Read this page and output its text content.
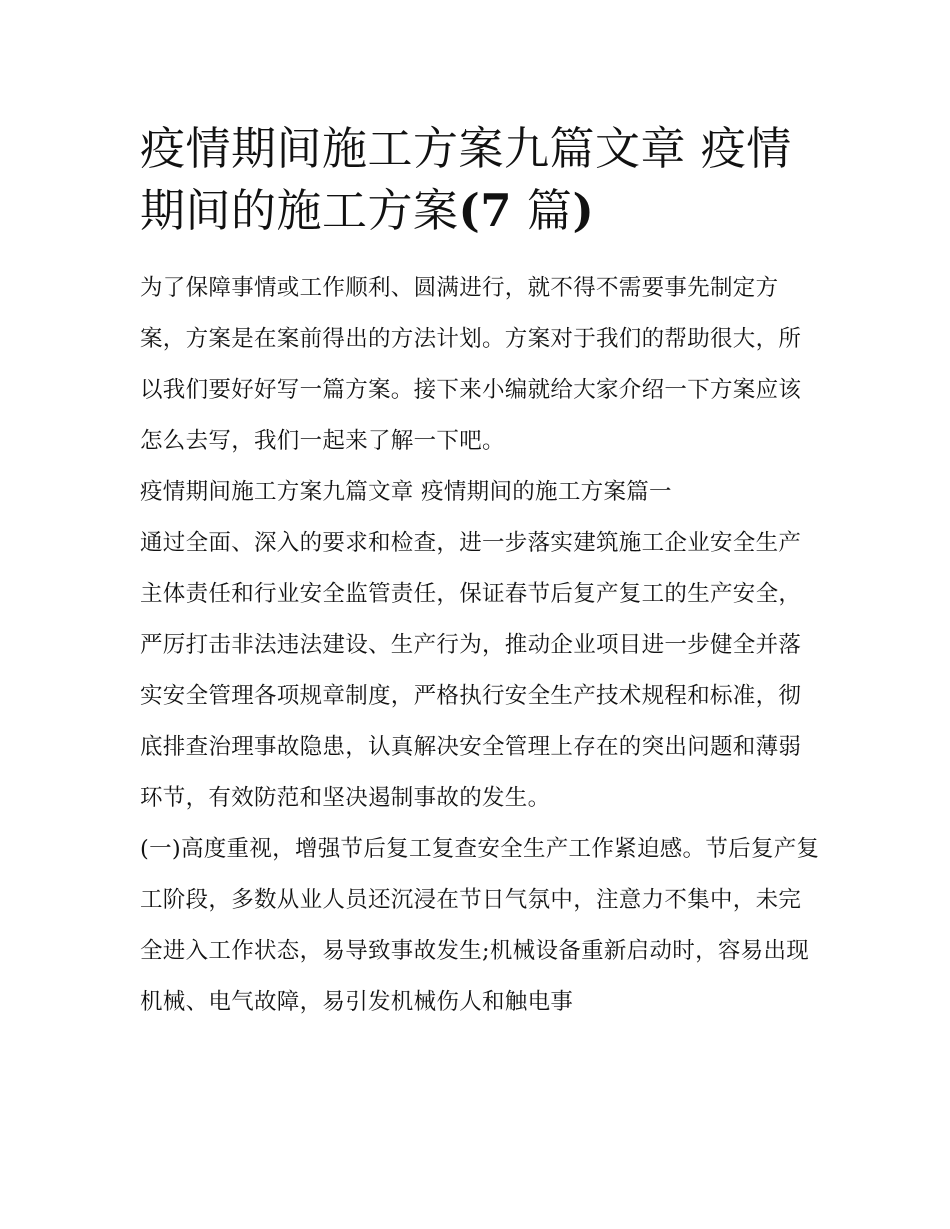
疫情期间施工方案九篇文章 疫情期间的施工方案(7 篇)

为了保障事情或工作顺利、圆满进行，就不得不需要事先制定方案，方案是在案前得出的方法计划。方案对于我们的帮助很大，所以我们要好好写一篇方案。接下来小编就给大家介绍一下方案应该怎么去写，我们一起来了解一下吧。

疫情期间施工方案九篇文章 疫情期间的施工方案篇一

通过全面、深入的要求和检查，进一步落实建筑施工企业安全生产主体责任和行业安全监管责任，保证春节后复产复工的生产安全，严厉打击非法违法建设、生产行为，推动企业项目进一步健全并落实安全管理各项规章制度，严格执行安全生产技术规程和标准，彻底排查治理事故隐患，认真解决安全管理上存在的突出问题和薄弱环节，有效防范和坚决遏制事故的发生。

(一)高度重视，增强节后复工复查安全生产工作紧迫感。节后复产复工阶段，多数从业人员还沉浸在节日气氛中，注意力不集中，未完全进入工作状态，易导致事故发生;机械设备重新启动时，容易出现机械、电气故障，易引发机械伤人和触电事
